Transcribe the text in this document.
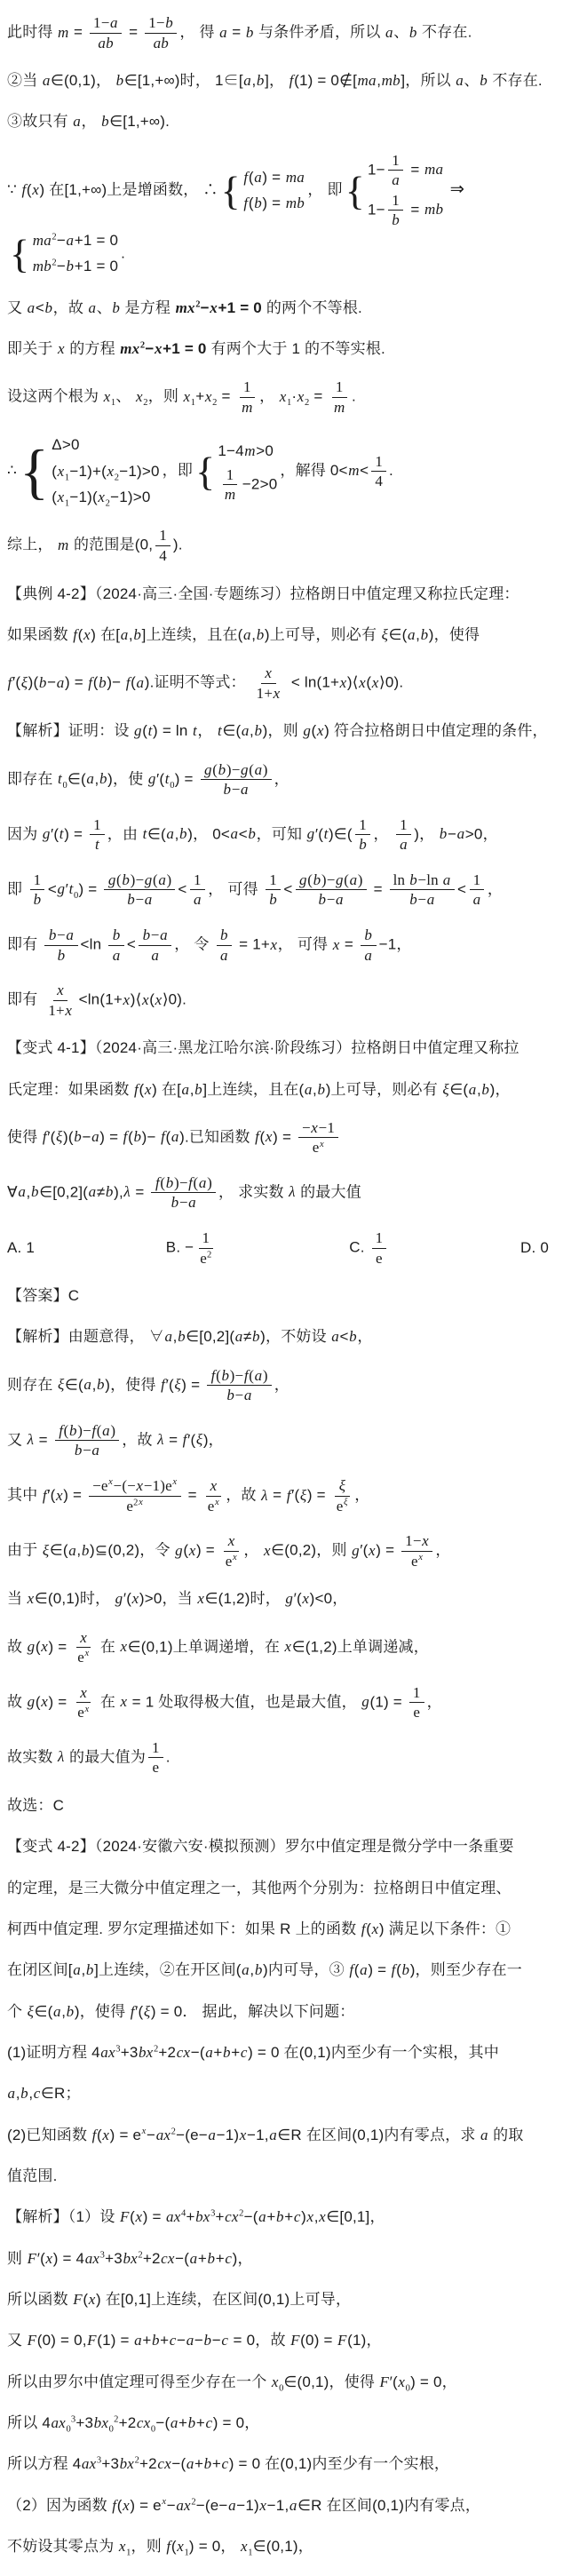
此时得 $m = \frac{1-a}{ab} = \frac{1-b}{ab}$ ， 得 a = b 与条件矛盾，所以 a、b 不存在.
②当 a∈(0,1)， b∈[1,+∞)时， 1∈[a,b]， f(1) = 0∉[ma,mb]，所以 a、b 不存在.
③故只有 a， b∈[1,+∞).
∵ f(x) 在[1,+∞)上是增函数， ∴ { f(a) = ma
f(b) = mb
， 即 { $1- \frac{1}{a}$ = ma
$1- \frac{1}{b}$ = mb
⇒
{ $ma^2-a+1 = 0$
$mb^2-b+1 = 0$
.
又 a<b，故 a、b 是方程 $mx^2-x+1 = 0$ 的两个不等根.
即关于 x 的方程 $mx^2-x+1 = 0$ 有两个大于 1 的不等实根.
设这两个根为 $x_1$、 $x_2$，则 $x_1+x_2 = \frac{1}{m}$ ， $x_1\cdot x_2 = \frac{1}{m}$ .
∴ { Δ>0
$(x_1-1)+(x_2-1)>0$
$(x_1-1)(x_2-1)>0$
，即 { 1−4m>0
$\frac{1}{m} -2>0$
，解得 $0<m< \frac{1}{4}$ .
综上， m 的范围是(0, $\frac{1}{4}$ ).
【典例 4-2】（2024·高三·全国·专题练习）拉格朗日中值定理又称拉氏定理：
如果函数 f(x) 在[a,b]上连续，且在(a,b)上可导，则必有 ξ∈(a,b)，使得
f′(ξ)(b−a) = f(b)− f(a).证明不等式： $\frac{x}{1+x}$ < ln(1+x)⟨x(x⟩0).
【解析】证明：设 g(t) = ln t， t∈(a,b)，则 g(x) 符合拉格朗日中值定理的条件，
即存在 $t_0\in(a,b)$，使 $g'(t_0) = \frac{g(b)-g(a)}{b-a}$ ，
因为 $g'(t) = \frac{1}{t}$ ，由 t∈(a,b)， 0<a<b，可知 g′(t)∈( $\frac{1}{b}$ ， $\frac{1}{a}$ )， b−a>0，
即 $\frac{1}{b} <g't_0) = \frac{g(b)-g(a)}{b-a} < \frac{1}{a}$ ， 可得 $\frac{1}{b} < \frac{g(b)-g(a)}{b-a} = \frac{\text{ln b−ln a}}{b-a} < \frac{1}{a}$ ，
即有 $\frac{b-a}{b} <\ln \frac{b}{a} < \frac{b-a}{a}$ ， 令 $\frac{b}{a} = 1+x$， 可得 $x = \frac{b}{a} -1$，
即有 $\frac{x}{1+x}$ <ln(1+x)⟨x(x⟩0).
【变式 4-1】（2024·高三·黑龙江哈尔滨·阶段练习）拉格朗日中值定理又称拉
氏定理：如果函数 f(x) 在[a,b]上连续，且在(a,b)上可导，则必有 ξ∈(a,b)，
使得 f′(ξ)(b−a) = f(b)− f(a).已知函数 $f(x) = \frac{-x-1}{e^x}$
∀a,b∈[0,2](a≠b),λ = $\frac{f(b)-f(a)}{b-a}$ ， 求实数 λ 的最大值
A. 1	B. − $\frac{1}{e^2}$	C. $\frac{1}{e}$	D. 0
【答案】C
【解析】由题意得， ∀a,b∈[0,2](a≠b)，不妨设 a<b，
则存在 ξ∈(a,b)，使得 $f'(\xi) = \frac{f(b)-f(a)}{b-a}$ ，
又 $\lambda = \frac{f(b)-f(a)}{b-a}$ ，故 λ = f′(ξ)，
其中 $f'(x) = \frac{-e^x-(-x-1)e^x}{e^{2x}} = \frac{x}{e^x}$ ，故 $\lambda = f'(\xi) = \frac{\xi}{e^\xi}$ ，
由于 ξ∈(a,b)⊆(0,2)，令 $g(x) = \frac{x}{e^x}$ ， x∈(0,2)，则 $g'(x) = \frac{1-x}{e^x}$ ，
当 x∈(0,1)时， g′(x)>0，当 x∈(1,2)时， g′(x)<0，
故 $g(x) = \frac{x}{e^x}$ 在 x∈(0,1)上单调递增，在 x∈(1,2)上单调递减，
故 $g(x) = \frac{x}{e^x}$ 在 x = 1 处取得极大值，也是最大值， $g(1) = \frac{1}{e}$ ，
故实数 λ 的最大值为 $\frac{1}{e}$ .
故选：C
【变式 4-2】（2024·安徽六安·模拟预测）罗尔中值定理是微分学中一条重要
的定理，是三大微分中值定理之一，其他两个分别为：拉格朗日中值定理、
柯西中值定理. 罗尔定理描述如下：如果 R 上的函数 f(x) 满足以下条件：①
在闭区间[a,b]上连续，②在开区间(a,b)内可导，③ f(a) = f(b)，则至少存在一
个 ξ∈(a,b)，使得 f′(ξ) = 0． 据此，解决以下问题：
(1)证明方程 $4ax^3+3bx^2+2cx-(a+b+c) = 0$ 在(0,1)内至少有一个实根，其中
a,b,c∈R；
(2)已知函数 $f(x) = e^x-ax^2-(e-a-1)x-1,a\in R$ 在区间(0,1)内有零点，求 a 的取
值范围.
【解析】（1）设 $F(x) = ax^4+bx^3+cx^2-(a+b+c)x,x\in[0,1]$，
则 $F'(x) = 4ax^3+3bx^2+2cx-(a+b+c)$，
所以函数 F(x) 在[0,1]上连续，在区间(0,1)上可导，
又 F(0) = 0,F(1) = a+b+c−a−b−c = 0，故 F(0) = F(1)，
所以由罗尔中值定理可得至少存在一个 $x_0\in(0,1)$，使得 $F'(x_0) = 0$，
所以 $4ax_0^3+3bx_0^2+2cx_0-(a+b+c) = 0$，
所以方程 $4ax^3+3bx^2+2cx-(a+b+c) = 0$ 在(0,1)内至少有一个实根，
（2）因为函数 $f(x) = e^x-ax^2-(e-a-1)x-1,a\in R$ 在区间(0,1)内有零点，
不妨设其零点为 $x_1$，则 $f(x_1) = 0$， $x_1\in(0,1)$，
